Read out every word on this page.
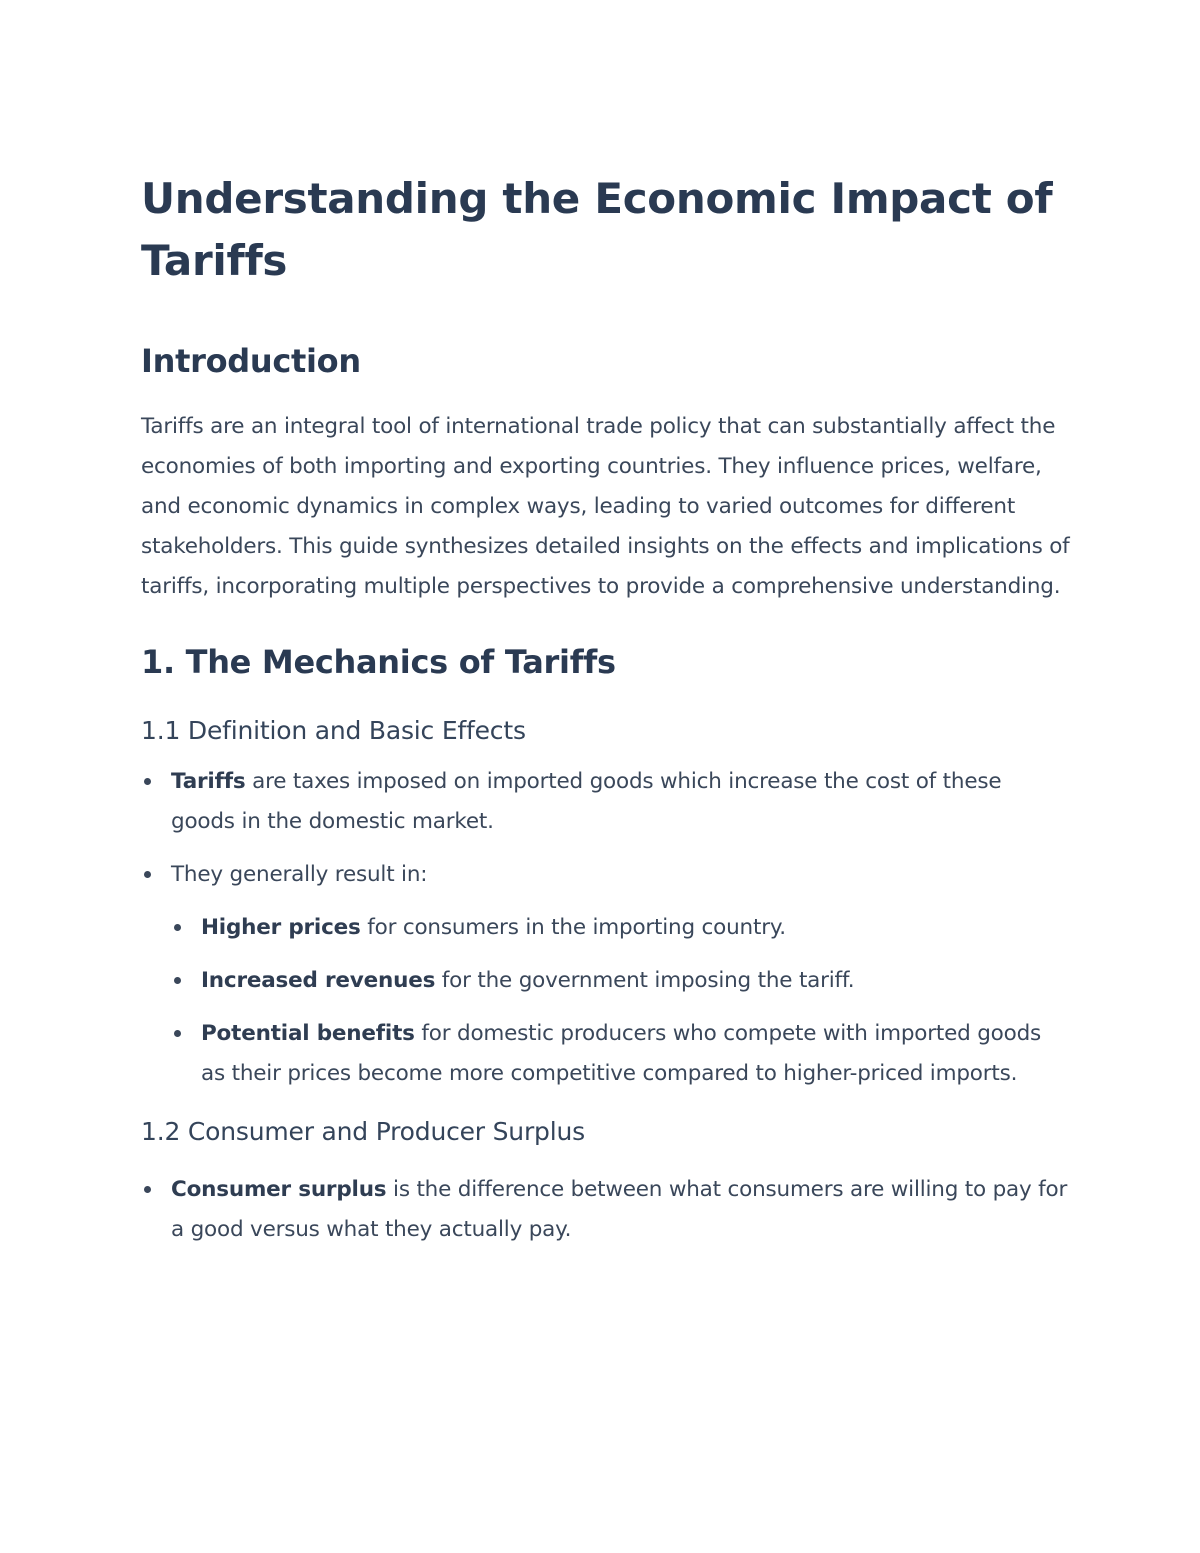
Understanding the Economic Impact of Tariffs
Introduction

Tariffs are an integral tool of international trade policy that can substantially affect the economies of both importing and exporting countries. They influence prices, welfare, and economic dynamics in complex ways, leading to varied outcomes for different stakeholders. This guide synthesizes detailed insights on the effects and implications of tariffs, incorporating multiple perspectives to provide a comprehensive understanding.

1. The Mechanics of Tariffs
1.1 Definition and Basic Effects
Tariffs are taxes imposed on imported goods which increase the cost of these goods in the domestic market.
They generally result in:
Higher prices for consumers in the importing country.
Increased revenues for the government imposing the tariff.
Potential benefits for domestic producers who compete with imported goods as their prices become more competitive compared to higher-priced imports.
1.2 Consumer and Producer Surplus
Consumer surplus is the difference between what consumers are willing to pay for a good versus what they actually pay.
